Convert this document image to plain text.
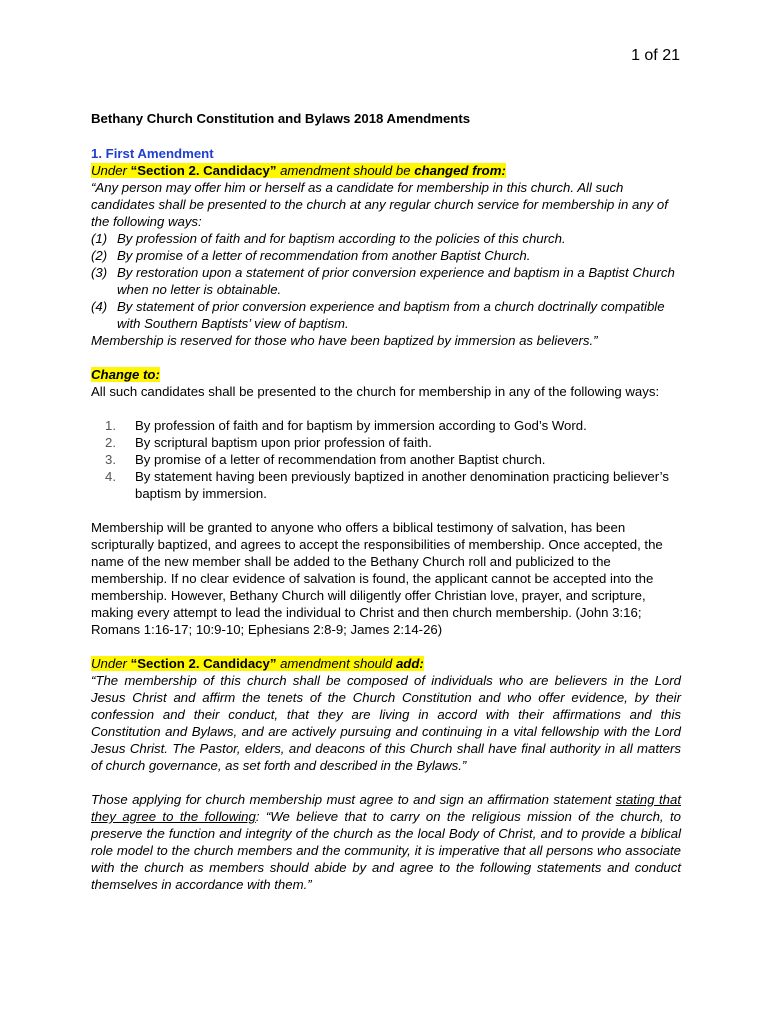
1 of 21

Bethany Church Constitution and Bylaws 2018 Amendments

1. First Amendment

Under “Section 2. Candidacy” amendment should be changed from:

“Any person may offer him or herself as a candidate for membership in this church. All such candidates shall be presented to the church at any regular church service for membership in any of the following ways:

(1) By profession of faith and for baptism according to the policies of this church.
(2) By promise of a letter of recommendation from another Baptist Church.
(3) By restoration upon a statement of prior conversion experience and baptism in a Baptist Church when no letter is obtainable.
(4) By statement of prior conversion experience and baptism from a church doctrinally compatible with Southern Baptists’ view of baptism.

Membership is reserved for those who have been baptized by immersion as believers.”

Change to:

All such candidates shall be presented to the church for membership in any of the following ways:

1. By profession of faith and for baptism by immersion according to God’s Word.
2. By scriptural baptism upon prior profession of faith.
3. By promise of a letter of recommendation from another Baptist church.
4. By statement having been previously baptized in another denomination practicing believer’s baptism by immersion.

Membership will be granted to anyone who offers a biblical testimony of salvation, has been scripturally baptized, and agrees to accept the responsibilities of membership. Once accepted, the name of the new member shall be added to the Bethany Church roll and publicized to the membership. If no clear evidence of salvation is found, the applicant cannot be accepted into the membership. However, Bethany Church will diligently offer Christian love, prayer, and scripture, making every attempt to lead the individual to Christ and then church membership. (John 3:16; Romans 1:16-17; 10:9-10; Ephesians 2:8-9; James 2:14-26)

Under “Section 2. Candidacy” amendment should add:

“The membership of this church shall be composed of individuals who are believers in the Lord Jesus Christ and affirm the tenets of the Church Constitution and who offer evidence, by their confession and their conduct, that they are living in accord with their affirmations and this Constitution and Bylaws, and are actively pursuing and continuing in a vital fellowship with the Lord Jesus Christ. The Pastor, elders, and deacons of this Church shall have final authority in all matters of church governance, as set forth and described in the Bylaws.”

Those applying for church membership must agree to and sign an affirmation statement stating that they agree to the following: “We believe that to carry on the religious mission of the church, to preserve the function and integrity of the church as the local Body of Christ, and to provide a biblical role model to the church members and the community, it is imperative that all persons who associate with the church as members should abide by and agree to the following statements and conduct themselves in accordance with them.”
